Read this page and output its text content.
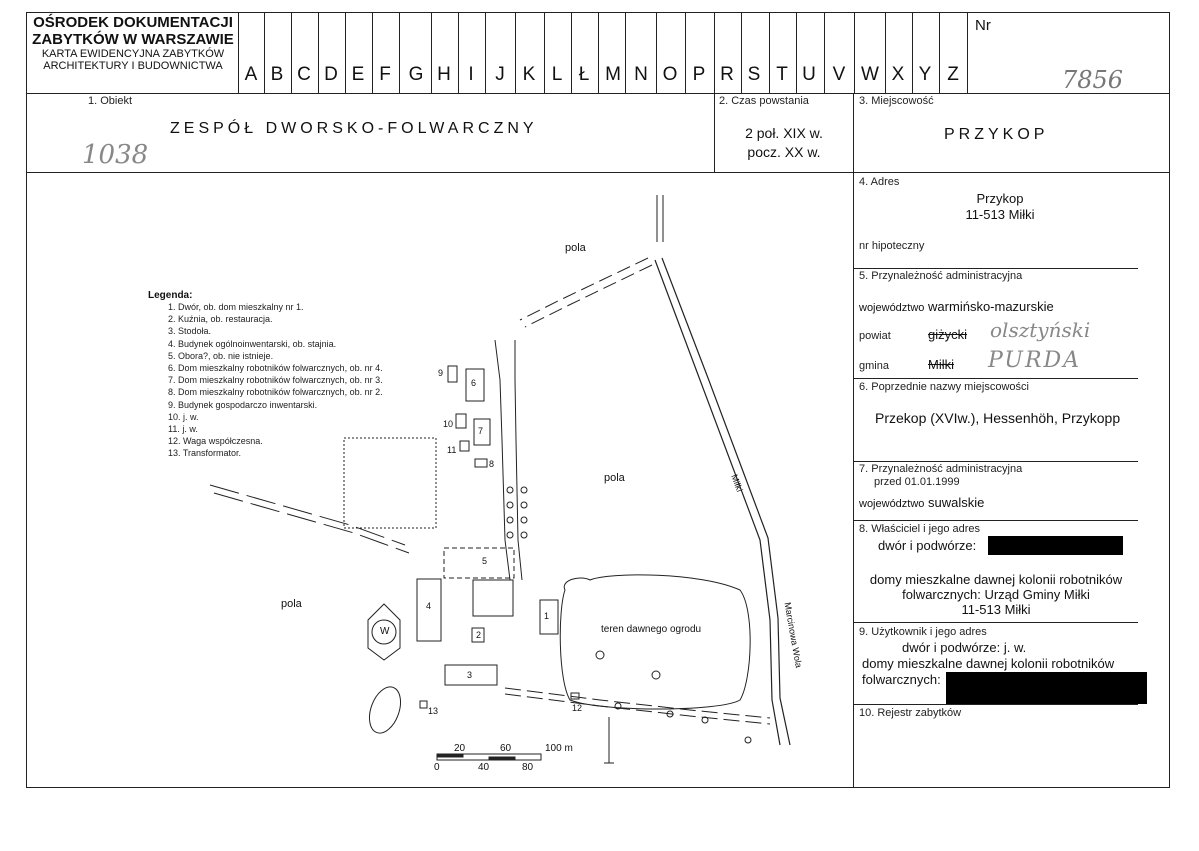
OŚRODEK DOKUMENTACJI
ZABYTKÓW W WARSZAWIE
KARTA EWIDENCYJNA ZABYTKÓW
ARCHITEKTURY I BUDOWNICTWA	A B C D E F G H I	J K L Ł M N O P R S T U V W X Y Z
Nr
7856
1. Obiekt
ZESPÓŁ DWORSKO-FOLWARCZNY
1038
2. Czas powstania
2 poł. XIX w.
pocz. XX w.
3. Miejscowość
PRZYKOP
4. Adres
Przykop
11-513 Miłki
nr hipoteczny
5. Przynależność administracyjna
województwo warmińsko-mazurskie
powiat	giżycki olsztyński
gmina	Miłki PURDA
6. Poprzednie nazwy miejscowości
Przekop (XVIw.), Hessenhöh, Przykopp
7. Przynależność administracyjna
przed 01.01.1999
województwo suwalskie
8. Właściciel i jego adres
dwór i podwórze:
domy mieszkalne dawnej kolonii robotników
folwarcznych: Urząd Gminy Miłki
11-513 Miłki
9. Użytkownik i jego adres
dwór i podwórze: j. w.
domy mieszkalne dawnej kolonii robotników
folwarcznych:
10. Rejestr zabytków
Legenda:
1. Dwór, ob. dom mieszkalny nr 1.
2. Kuźnia, ob. restauracja.
3. Stodoła.
4. Budynek ogólnoinwentarski, ob. stajnia.
5. Obora?, ob. nie istnieje.
6. Dom mieszkalny robotników folwarcznych, ob. nr 4.
7. Dom mieszkalny robotników folwarcznych, ob. nr 3.
8. Dom mieszkalny robotników folwarcznych, ob. nr 2.
9. Budynek gospodarczo inwentarski.
10. j. w.
11. j. w.
12. Waga współczesna.
13. Transformator.
pola
pola
pola
teren dawnego ogrodu
Miłki
Marcinowa Wola
1
2
3
4
5
6
7
8
9
10
11
12
13
W
20	60	100 m
0	40	80
